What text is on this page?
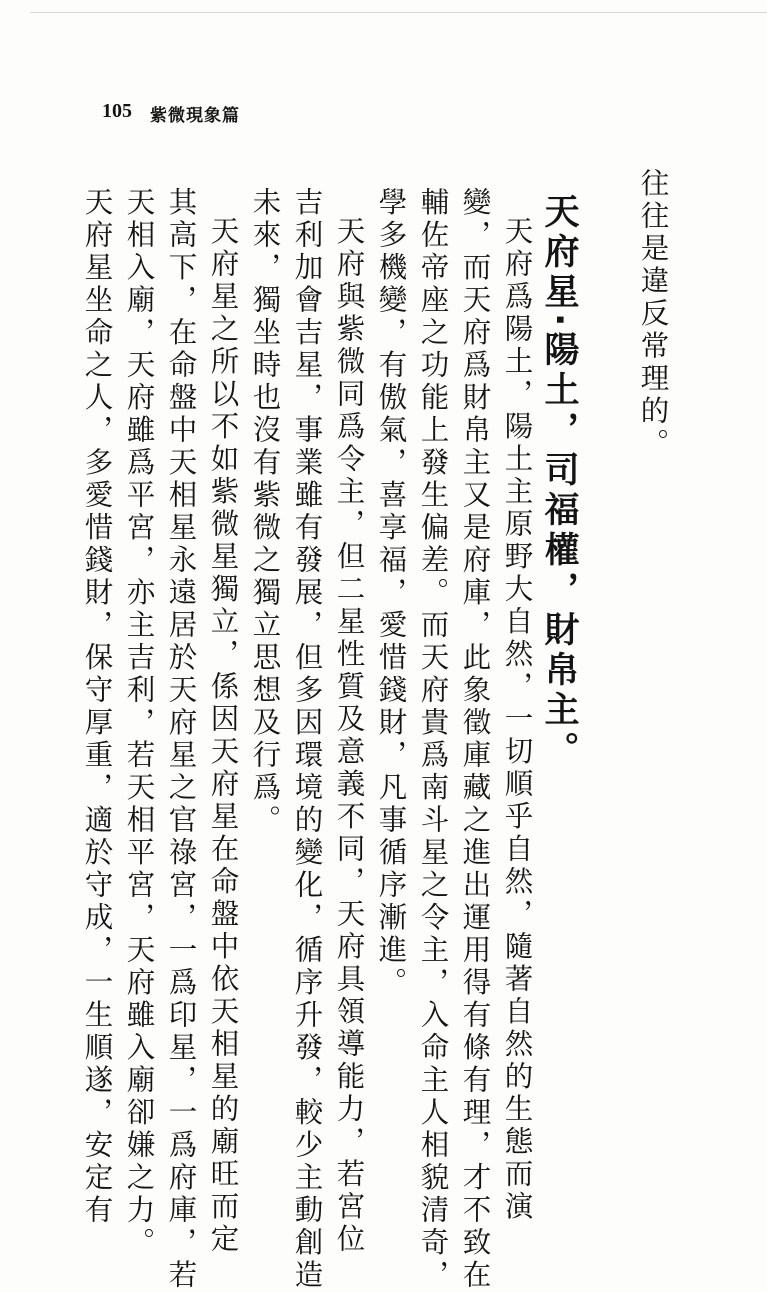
105 紫微現象篇
往往是違反常理的。
天府星·陽土，司福權，財帛主。
天府爲陽土，陽土主原野大自然，一切順乎自然，隨著自然的生態而演
變，而天府爲財帛主又是府庫，此象徵庫藏之進出運用得有條有理，才不致在
輔佐帝座之功能上發生偏差。而天府貴爲南斗星之令主，入命主人相貌清奇，
學多機變，有傲氣，喜享福，愛惜錢財，凡事循序漸進。
天府與紫微同爲令主，但二星性質及意義不同，天府具領導能力，若宮位
吉利加會吉星，事業雖有發展，但多因環境的變化，循序升發，較少主動創造
未來，獨坐時也沒有紫微之獨立思想及行爲。
天府星之所以不如紫微星獨立，係因天府星在命盤中依天相星的廟旺而定
其高下，在命盤中天相星永遠居於天府星之官祿宮，一爲印星，一爲府庫，若
天相入廟，天府雖爲平宮，亦主吉利，若天相平宮，天府雖入廟卻嫌之力。
天府星坐命之人，多愛惜錢財，保守厚重，適於守成，一生順遂，安定有
